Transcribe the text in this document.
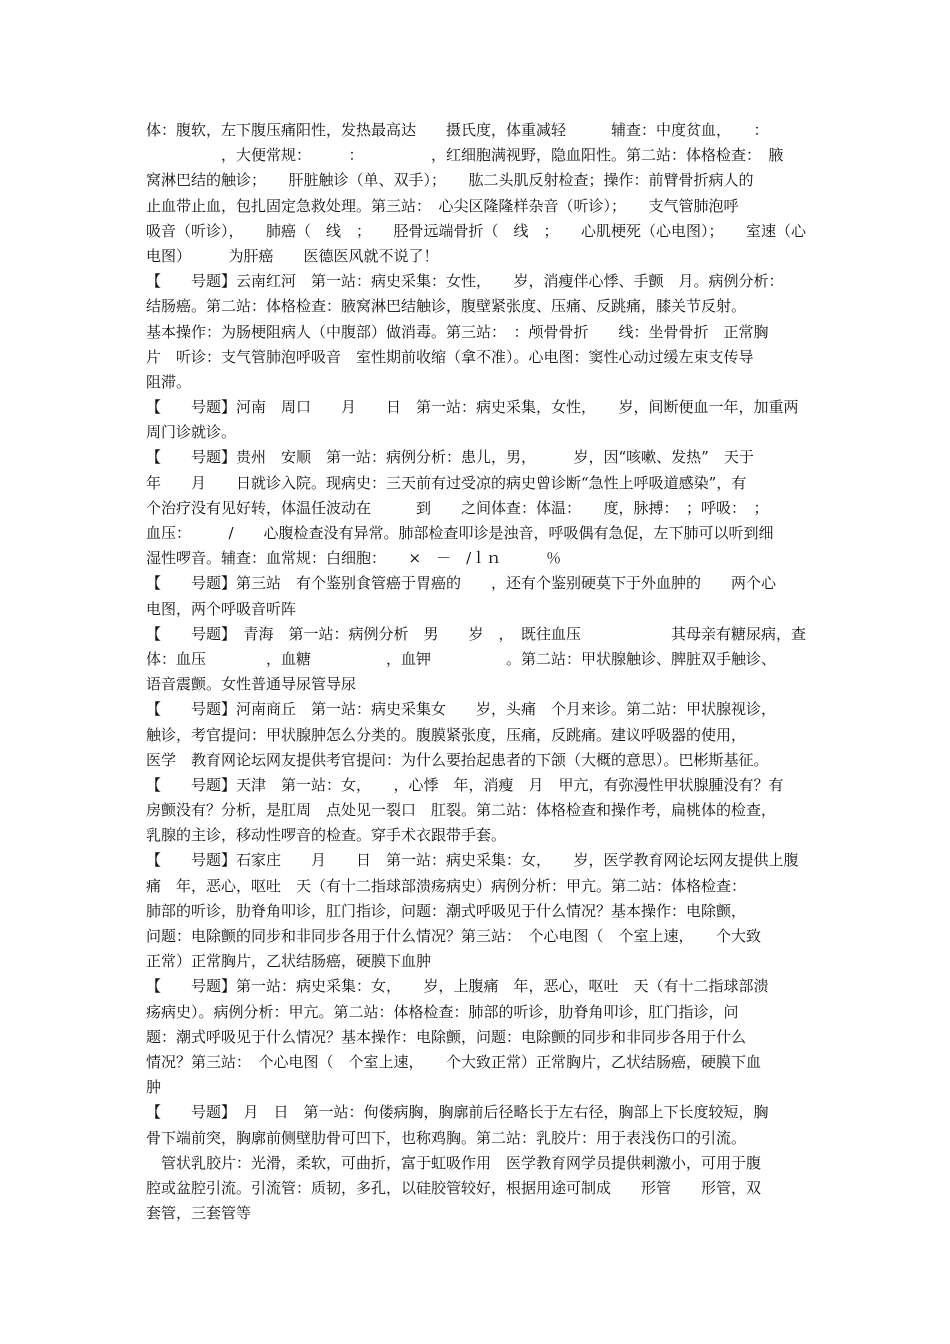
体：腹软，左下腹压痛阳性，发热最高达　　摄氏度，体重减轻　　　辅查：中度贫血，　　：
　　　　　，大便常规：　　　：　　　　　，红细胞满视野，隐血阳性。第二站：体格检查：　腋
窝淋巴结的触诊；　　肝脏触诊（单、双手）；　　肱二头肌反射检查；操作：前臂骨折病人的
止血带止血，包扎固定急救处理。第三站：　心尖区隆隆样杂音（听诊）；　　支气管肺泡呼
吸音（听诊），　　肺癌（　线　；　　胫骨远端骨折（　线　；　　心肌梗死（心电图）；　　室速（心
电图）　　　为肝癌　　医德医风就不说了！
【　　号题】云南红河　第一站：病史采集：女性，　　岁，消瘦伴心悸、手颤　月。病例分析：
结肠癌。第二站：体格检查：腋窝淋巴结触诊，腹壁紧张度、压痛、反跳痛，膝关节反射。
基本操作：为肠梗阻病人（中腹部）做消毒。第三站：　：颅骨骨折　　线：坐骨骨折　正常胸
片　听诊：支气管肺泡呼吸音　室性期前收缩（拿不准）。心电图：窦性心动过缓左束支传导
阻滞。
【　　号题】河南　周口　　月　　日　第一站：病史采集，女性，　　岁，间断便血一年，加重两
周门诊就诊。
【　　号题】贵州　安顺　第一站：病例分析：患儿，男，　　　岁，因“咳嗽、发热”　天于
年　　月　　日就诊入院。现病史：三天前有过受凉的病史曾诊断“急性上呼吸道感染”，有
个治疗没有见好转，体温任波动在　　　到　　之间体查：体温：　　度，脉搏：　；呼吸：　；
血压：　　　/　　心腹检查没有异常。肺部检查叩诊是浊音，呼吸偶有急促，左下肺可以听到细
湿性啰音。辅查：血常规：白细胞：　　×　－　/ｌｎ　　　％
【　　号题】第三站　有个鉴别食管癌于胃癌的　　，还有个鉴别硬莫下于外血肿的　　两个心
电图，两个呼吸音听阵
【　　号题】　青海　第一站：病例分析　男　　岁　，　既往血压　　　　　　其母亲有糖尿病，查
体：血压　　　　，血糖　　　　　，血钾　　　　　。第二站：甲状腺触诊、脾脏双手触诊、
语音震颤。女性普通导尿管导尿
【　　号题】河南商丘　第一站：病史采集女　　岁，头痛　个月来诊。第二站：甲状腺视诊，
触诊，考官提问：甲状腺肿怎么分类的。腹膜紧张度，压痛，反跳痛。建议呼吸器的使用，
医学　教育网论坛网友提供考官提问：为什么要抬起患者的下颌（大概的意思）。巴彬斯基征。
【　　号题】天津　第一站：女，　　，心悸　年，消瘦　月　甲亢，有弥漫性甲状腺腫没有？有
房颤没有？分析，是肛周　点处见一裂口　肛裂。第二站：体格检查和操作考，扁桃体的检查，
乳腺的主诊，移动性啰音的检查。穿手术衣跟带手套。
【　　号题】石家庄　　月　　日　第一站：病史采集：女，　　岁，医学教育网论坛网友提供上腹
痛　年，恶心，呕吐　天（有十二指球部溃疡病史）病例分析：甲亢。第二站：体格检查：
肺部的听诊，肋脊角叩诊，肛门指诊，问题：潮式呼吸见于什么情况？基本操作：电除颤，
问题：电除颤的同步和非同步各用于什么情况？第三站：　个心电图（　个室上速，　　个大致
正常）正常胸片，乙状结肠癌，硬膜下血肿
【　　号题】第一站：病史采集：女，　　岁，上腹痛　年，恶心，呕吐　天（有十二指球部溃
疡病史）。病例分析：甲亢。第二站：体格检查：肺部的听诊，肋脊角叩诊，肛门指诊，问
题：潮式呼吸见于什么情况？基本操作：电除颤，问题：电除颤的同步和非同步各用于什么
情况？第三站：　个心电图（　个室上速，　　个大致正常）正常胸片，乙状结肠癌，硬膜下血
肿
【　　号题】　月　日　第一站：佝偻病胸，胸廓前后径略长于左右径，胸部上下长度较短，胸
骨下端前突，胸廓前侧壁肋骨可凹下，也称鸡胸。第二站：乳胶片：用于表浅伤口的引流。
　管状乳胶片：光滑，柔软，可曲折，富于虹吸作用　医学教育网学员提供刺激小，可用于腹
腔或盆腔引流。引流管：质韧，多孔，以硅胶管较好，根据用途可制成　　形管　　形管，双
套管，三套管等
